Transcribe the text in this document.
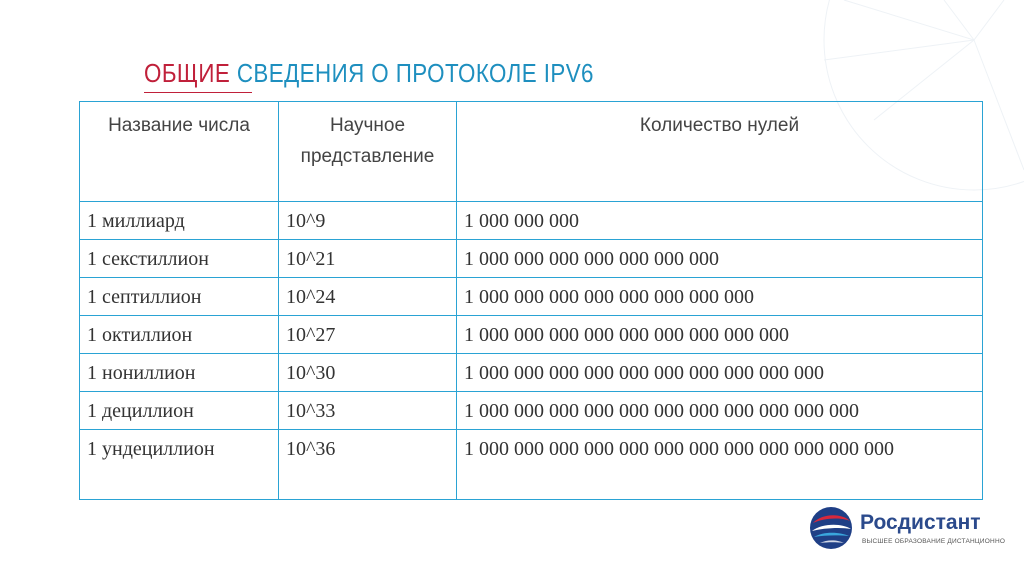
ОБЩИЕ СВЕДЕНИЯ О ПРОТОКОЛЕ IPV6
Название числа	Научное представление	Количество нулей
1 миллиард	10^9	1 000 000 000
1 секстиллион	10^21	1 000 000 000 000 000 000 000
1 септиллион	10^24	1 000 000 000 000 000 000 000 000
1 октиллион	10^27	1 000 000 000 000 000 000 000 000 000
1 нониллион	10^30	1 000 000 000 000 000 000 000 000 000 000
1 дециллион	10^33	1 000 000 000 000 000 000 000 000 000 000 000
1 ундециллион	10^36	1 000 000 000 000 000 000 000 000 000 000 000 000
Росдистант
ВЫСШЕЕ ОБРАЗОВАНИЕ ДИСТАНЦИОННО
